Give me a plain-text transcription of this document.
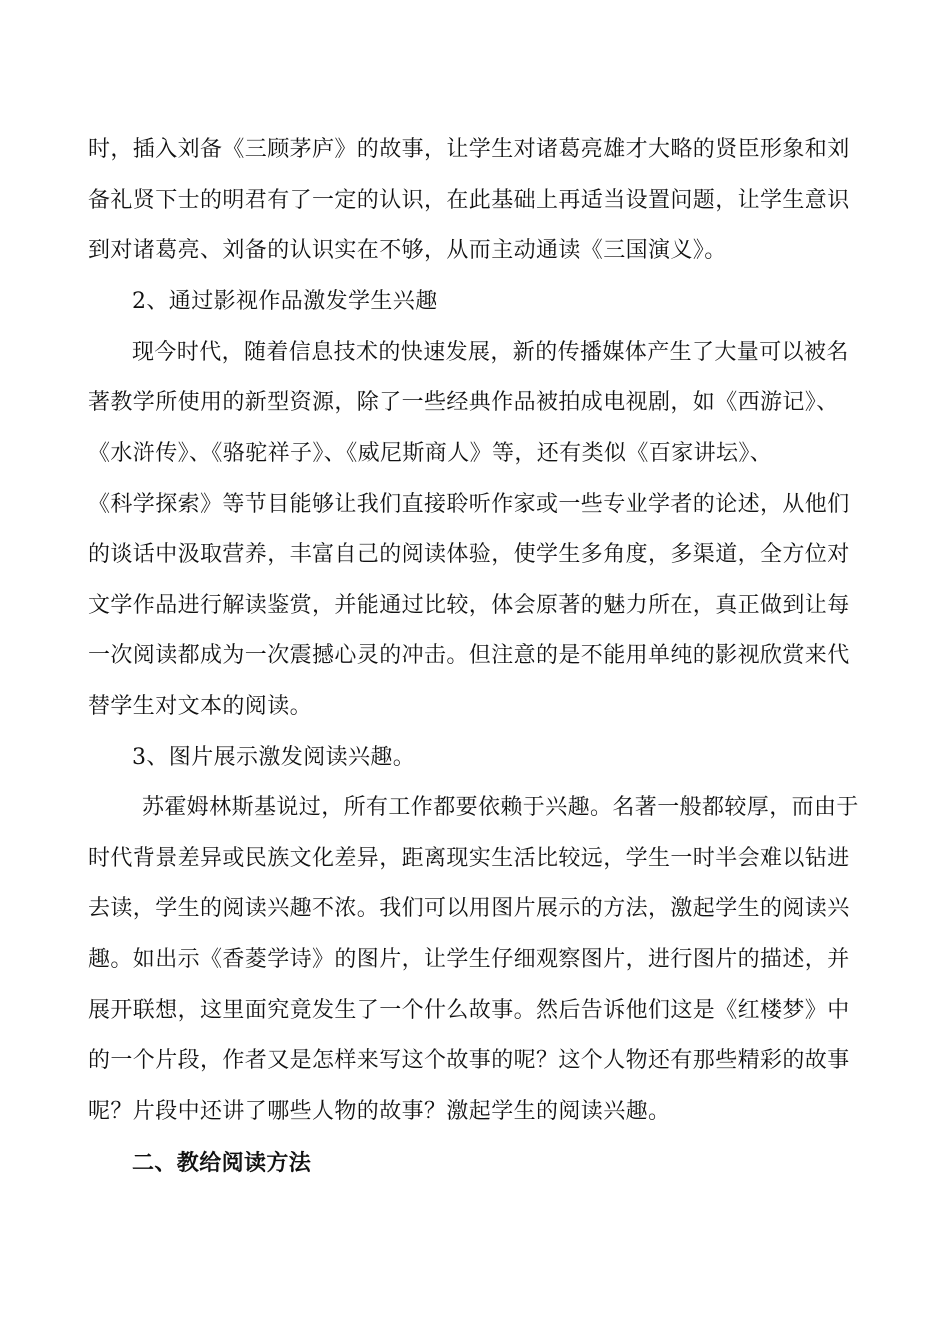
时，插入刘备《三顾茅庐》的故事，让学生对诸葛亮雄才大略的贤臣形象和刘
备礼贤下士的明君有了一定的认识，在此基础上再适当设置问题，让学生意识
到对诸葛亮、刘备的认识实在不够，从而主动通读《三国演义》。
2、通过影视作品激发学生兴趣
现今时代，随着信息技术的快速发展，新的传播媒体产生了大量可以被名
著教学所使用的新型资源，除了一些经典作品被拍成电视剧，如《西游记》、
《水浒传》、《骆驼祥子》、《威尼斯商人》等，还有类似《百家讲坛》、
《科学探索》等节目能够让我们直接聆听作家或一些专业学者的论述，从他们
的谈话中汲取营养，丰富自己的阅读体验，使学生多角度，多渠道，全方位对
文学作品进行解读鉴赏，并能通过比较，体会原著的魅力所在，真正做到让每
一次阅读都成为一次震撼心灵的冲击。但注意的是不能用单纯的影视欣赏来代
替学生对文本的阅读。
3、图片展示激发阅读兴趣。
苏霍姆林斯基说过，所有工作都要依赖于兴趣。名著一般都较厚，而由于
时代背景差异或民族文化差异，距离现实生活比较远，学生一时半会难以钻进
去读，学生的阅读兴趣不浓。我们可以用图片展示的方法，激起学生的阅读兴
趣。如出示《香菱学诗》的图片，让学生仔细观察图片，进行图片的描述，并
展开联想，这里面究竟发生了一个什么故事。然后告诉他们这是《红楼梦》中
的一个片段，作者又是怎样来写这个故事的呢？这个人物还有那些精彩的故事
呢？片段中还讲了哪些人物的故事？激起学生的阅读兴趣。
二、教给阅读方法
